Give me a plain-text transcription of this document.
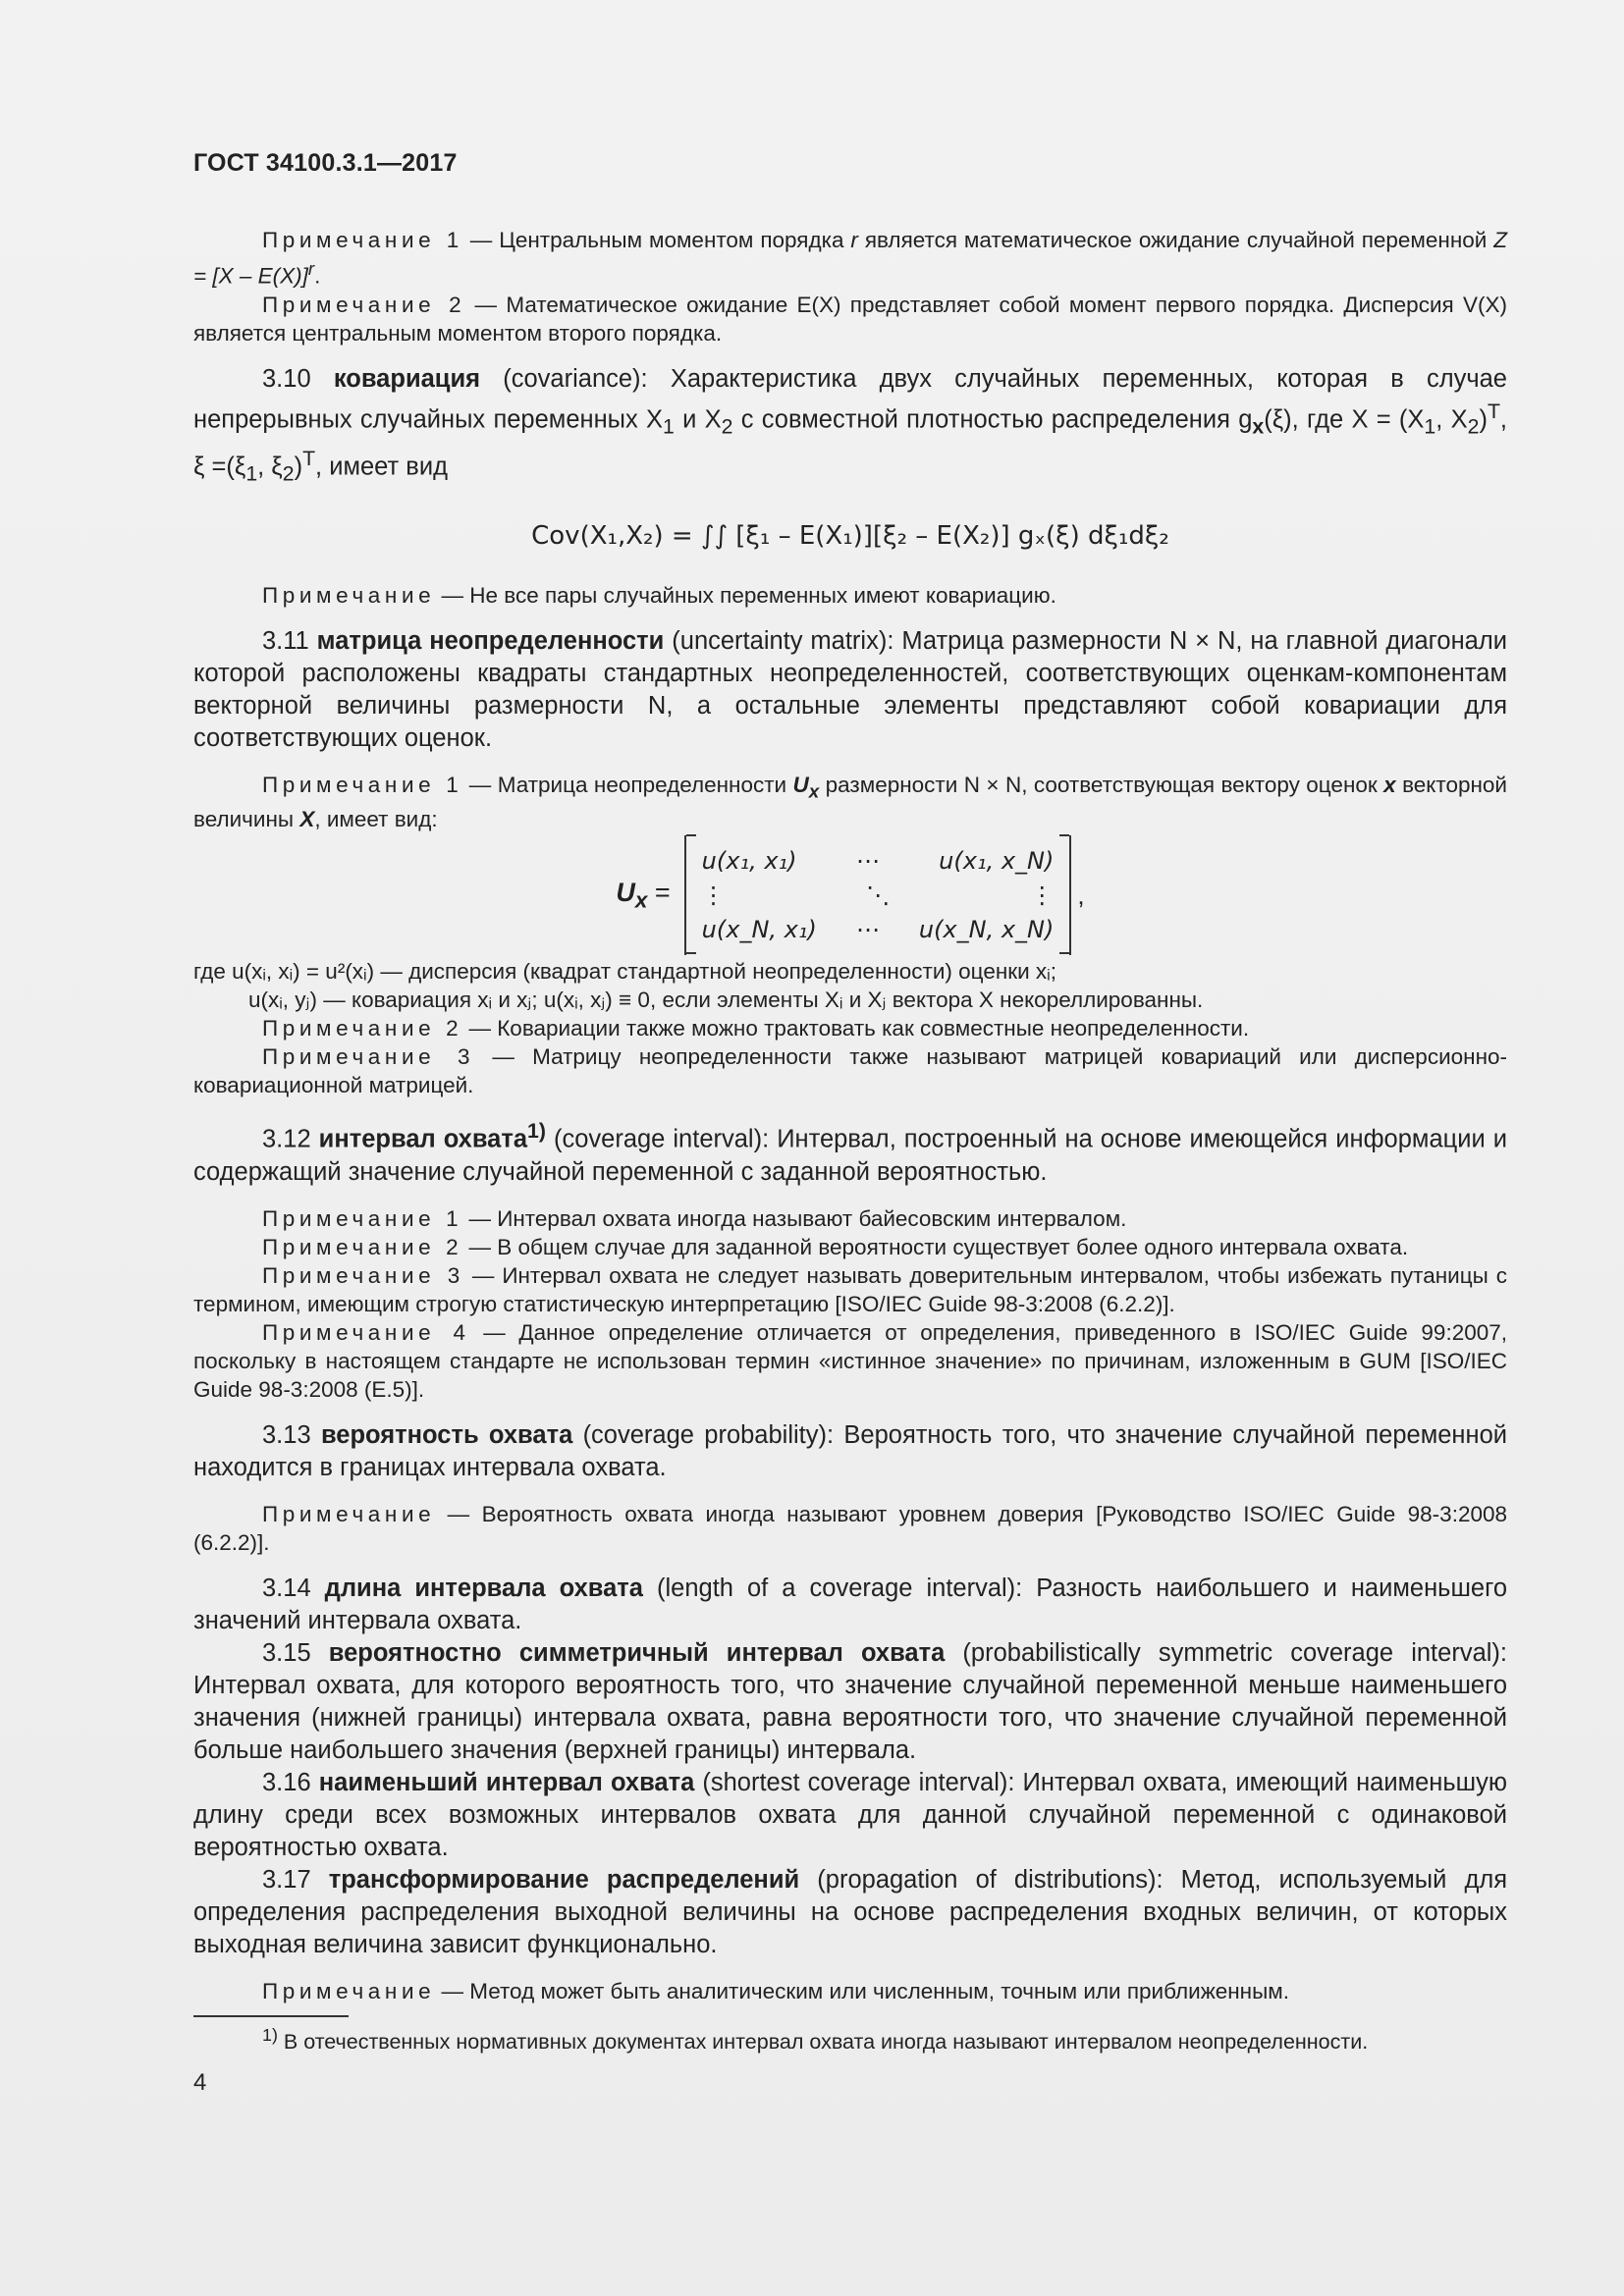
ГОСТ 34100.3.1—2017

Примечание 1 — Центральным моментом порядка r является математическое ожидание случайной переменной Z = [X – E(X)]$^r$.

Примечание 2 — Математическое ожидание E(X) представляет собой момент первого порядка. Дисперсия V(X) является центральным моментом второго порядка.

3.10 ковариация (covariance): Характеристика двух случайных переменных, которая в случае непрерывных случайных переменных $X_1$ и $X_2$ с совместной плотностью распределения $g_x(\xi)$, где $X = (X_1$, $X_2)^T$, $\xi =(\xi_1$, $\xi_2)^T$, имеет вид

Cov(X₁,X₂) = ∫∫ [ξ₁ – E(X₁)][ξ₂ – E(X₂)] gₓ(ξ) dξ₁dξ₂

Примечание — Не все пары случайных переменных имеют ковариацию.

3.11 матрица неопределенности (uncertainty matrix): Матрица размерности N × N, на главной диагонали которой расположены квадраты стандартных неопределенностей, соответствующих оценкам-компонентам векторной величины размерности N, а остальные элементы представляют собой ковариации для соответствующих оценок.

Примечание 1 — Матрица неопределенности $U_x$ размерности N × N, соответствующая вектору оценок x векторной величины X, имеет вид:

$U_x$ =
u(x₁, x₁)	⋯	u(x₁, x_N)
⋮	⋱	⋮
u(x_N, x₁) ⋯ u(x_N, x_N)
,

где u(xᵢ, xᵢ) = u²(xᵢ) — дисперсия (квадрат стандартной неопределенности) оценки xᵢ;

u(xᵢ, yⱼ) — ковариация xᵢ и xⱼ; u(xᵢ, xⱼ) ≡ 0, если элементы Xᵢ и Xⱼ вектора X некореллированны.

Примечание 2 — Ковариации также можно трактовать как совместные неопределенности.

Примечание 3 — Матрицу неопределенности также называют матрицей ковариаций или дисперсионно-ковариационной матрицей.

3.12 интервал охвата$^{1)}$ (coverage interval): Интервал, построенный на основе имеющейся информации и содержащий значение случайной переменной с заданной вероятностью.

Примечание 1 — Интервал охвата иногда называют байесовским интервалом.

Примечание 2 — В общем случае для заданной вероятности существует более одного интервала охвата.

Примечание 3 — Интервал охвата не следует называть доверительным интервалом, чтобы избежать путаницы с термином, имеющим строгую статистическую интерпретацию [ISO/IEC Guide 98-3:2008 (6.2.2)].

Примечание 4 — Данное определение отличается от определения, приведенного в ISO/IEC Guide 99:2007, поскольку в настоящем стандарте не использован термин «истинное значение» по причинам, изложенным в GUM [ISO/IEC Guide 98-3:2008 (E.5)].

3.13 вероятность охвата (coverage probability): Вероятность того, что значение случайной переменной находится в границах интервала охвата.

Примечание — Вероятность охвата иногда называют уровнем доверия [Руководство ISO/IEC Guide 98-3:2008 (6.2.2)].

3.14 длина интервала охвата (length of a coverage interval): Разность наибольшего и наименьшего значений интервала охвата.

3.15 вероятностно симметричный интервал охвата (probabilistically symmetric coverage interval): Интервал охвата, для которого вероятность того, что значение случайной переменной меньше наименьшего значения (нижней границы) интервала охвата, равна вероятности того, что значение случайной переменной больше наибольшего значения (верхней границы) интервала.

3.16 наименьший интервал охвата (shortest coverage interval): Интервал охвата, имеющий наименьшую длину среди всех возможных интервалов охвата для данной случайной переменной с одинаковой вероятностью охвата.

3.17 трансформирование распределений (propagation of distributions): Метод, используемый для определения распределения выходной величины на основе распределения входных величин, от которых выходная величина зависит функционально.

Примечание — Метод может быть аналитическим или численным, точным или приближенным.

$^{1)}$ В отечественных нормативных документах интервал охвата иногда называют интервалом неопределенности.

4
